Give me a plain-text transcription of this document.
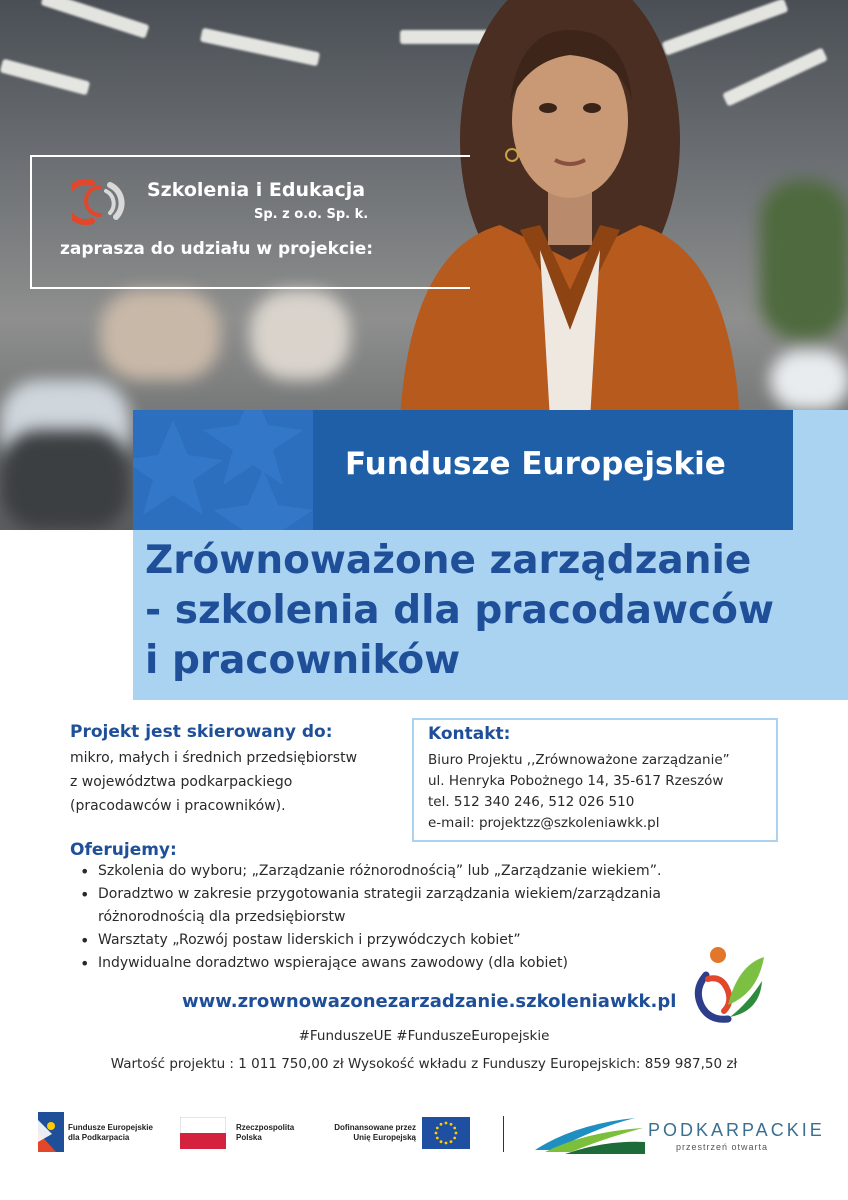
Szkolenia i Edukacja
Sp. z o.o. Sp. k.
zaprasza do udziału w projekcie:
Fundusze Europejskie
Zrównoważone zarządzanie
- szkolenia dla pracodawców
i pracowników
Projekt jest skierowany do:
mikro, małych i średnich przedsiębiorstw
z województwa podkarpackiego
(pracodawców i pracowników).
Kontakt:
Biuro Projektu ,,Zrównoważone zarządzanie”
ul. Henryka Pobożnego 14, 35-617 Rzeszów
tel. 512 340 246, 512 026 510
e-mail: projektzz@szkoleniawkk.pl
Oferujemy:
• Szkolenia do wyboru; „Zarządzanie różnorodnością” lub „Zarządzanie wiekiem”.
• Doradztwo w zakresie przygotowania strategii zarządzania wiekiem/zarządzania różnorodnością dla przedsiębiorstw
• Warsztaty „Rozwój postaw liderskich i przywódczych kobiet”
• Indywidualne doradztwo wspierające awans zawodowy (dla kobiet)
www.zrownowazonezarzadzanie.szkoleniawkk.pl
#FunduszeUE #FunduszeEuropejskie
Wartość projektu : 1 011 750,00 zł Wysokość wkładu z Funduszy Europejskich: 859 987,50 zł
Fundusze Europejskie
dla Podkarpacia
Rzeczpospolita
Polska
Dofinansowane przez
Unię Europejską	PODKARPACKIE
przestrzeń otwarta
